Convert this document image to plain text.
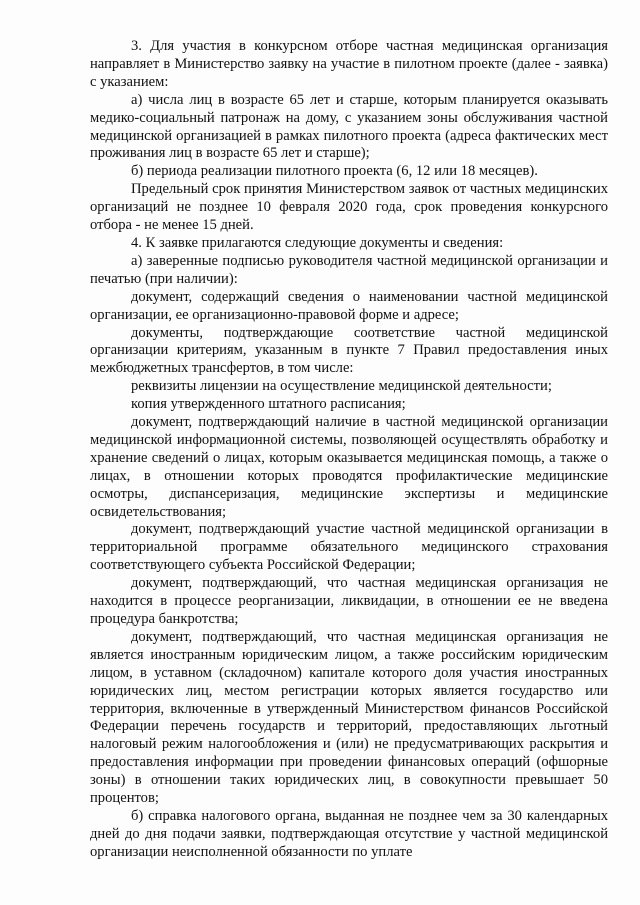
3. Для участия в конкурсном отборе частная медицинская организация направляет в Министерство заявку на участие в пилотном проекте (далее - заявка) с указанием:

а) числа лиц в возрасте 65 лет и старше, которым планируется оказывать медико-социальный патронаж на дому, с указанием зоны обслуживания частной медицинской организацией в рамках пилотного проекта (адреса фактических мест проживания лиц в возрасте 65 лет и старше);

б) периода реализации пилотного проекта (6, 12 или 18 месяцев).

Предельный срок принятия Министерством заявок от частных медицинских организаций не позднее 10 февраля 2020 года, срок проведения конкурсного отбора - не менее 15 дней.

4. К заявке прилагаются следующие документы и сведения:

а) заверенные подписью руководителя частной медицинской организации и печатью (при наличии):

документ, содержащий сведения о наименовании частной медицинской организации, ее организационно-правовой форме и адресе;

документы, подтверждающие соответствие частной медицинской организации критериям, указанным в пункте 7 Правил предоставления иных межбюджетных трансфертов, в том числе:

реквизиты лицензии на осуществление медицинской деятельности;

копия утвержденного штатного расписания;

документ, подтверждающий наличие в частной медицинской организации медицинской информационной системы, позволяющей осуществлять обработку и хранение сведений о лицах, которым оказывается медицинская помощь, а также о лицах, в отношении которых проводятся профилактические медицинские осмотры, диспансеризация, медицинские экспертизы и медицинские освидетельствования;

документ, подтверждающий участие частной медицинской организации в территориальной программе обязательного медицинского страхования соответствующего субъекта Российской Федерации;

документ, подтверждающий, что частная медицинская организация не находится в процессе реорганизации, ликвидации, в отношении ее не введена процедура банкротства;

документ, подтверждающий, что частная медицинская организация не является иностранным юридическим лицом, а также российским юридическим лицом, в уставном (складочном) капитале которого доля участия иностранных юридических лиц, местом регистрации которых является государство или территория, включенные в утвержденный Министерством финансов Российской Федерации перечень государств и территорий, предоставляющих льготный налоговый режим налогообложения и (или) не предусматривающих раскрытия и предоставления информации при проведении финансовых операций (офшорные зоны) в отношении таких юридических лиц, в совокупности превышает 50 процентов;

б) справка налогового органа, выданная не позднее чем за 30 календарных дней до дня подачи заявки, подтверждающая отсутствие у частной медицинской организации неисполненной обязанности по уплате
